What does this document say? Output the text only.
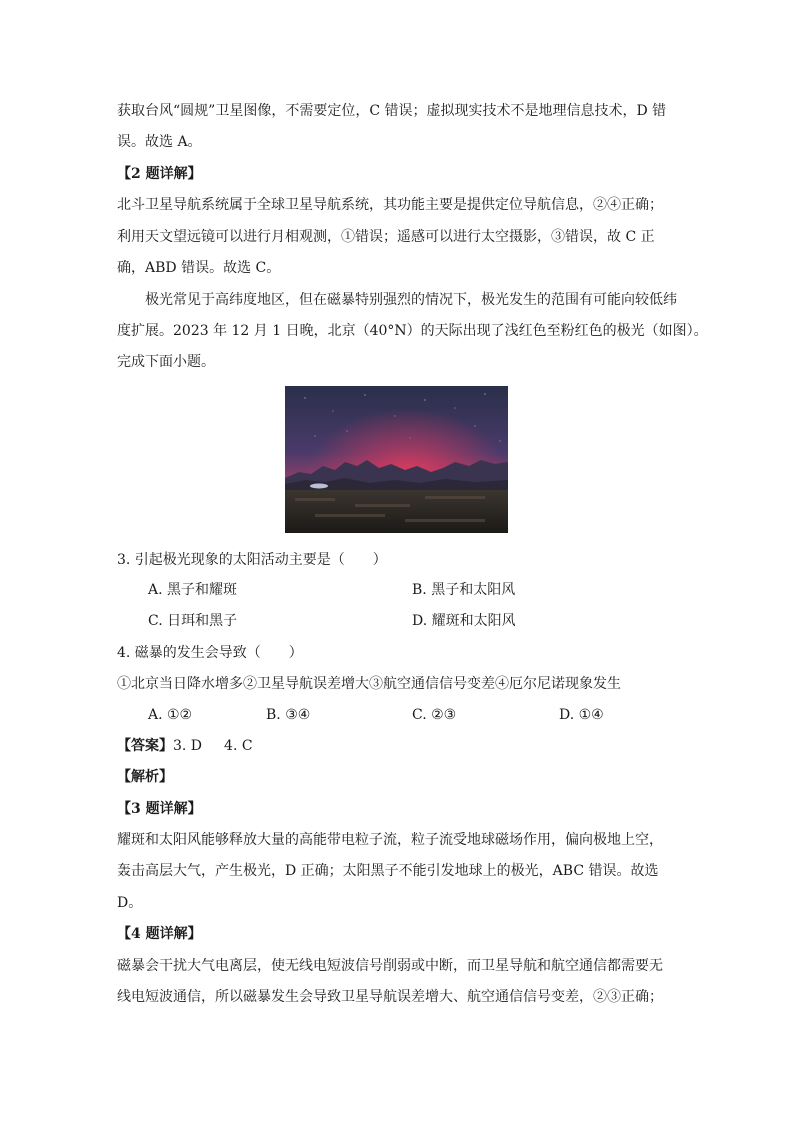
获取台风“圆规”卫星图像，不需要定位，C 错误；虚拟现实技术不是地理信息技术，D 错
误。故选 A。
【2 题详解】
北斗卫星导航系统属于全球卫星导航系统，其功能主要是提供定位导航信息，②④正确；
利用天文望远镜可以进行月相观测，①错误；遥感可以进行太空摄影，③错误，故 C 正
确，ABD 错误。故选 C。
极光常见于高纬度地区，但在磁暴特别强烈的情况下，极光发生的范围有可能向较低纬
度扩展。2023 年 12 月 1 日晚，北京（40°N）的天际出现了浅红色至粉红色的极光（如图）。
完成下面小题。
3. 引起极光现象的太阳活动主要是（　　）
A. 黑子和耀斑	B. 黑子和太阳风
C. 日珥和黑子	D. 耀斑和太阳风
4. 磁暴的发生会导致（　　）
①北京当日降水增多②卫星导航误差增大③航空通信信号变差④厄尔尼诺现象发生
A. ①②	B. ③④	C. ②③	D. ①④
【答案】3. D 4. C
【解析】
【3 题详解】
耀斑和太阳风能够释放大量的高能带电粒子流，粒子流受地球磁场作用，偏向极地上空，
轰击高层大气，产生极光，D 正确；太阳黑子不能引发地球上的极光，ABC 错误。故选
D。
【4 题详解】
磁暴会干扰大气电离层，使无线电短波信号削弱或中断，而卫星导航和航空通信都需要无
线电短波通信，所以磁暴发生会导致卫星导航误差增大、航空通信信号变差，②③正确；
